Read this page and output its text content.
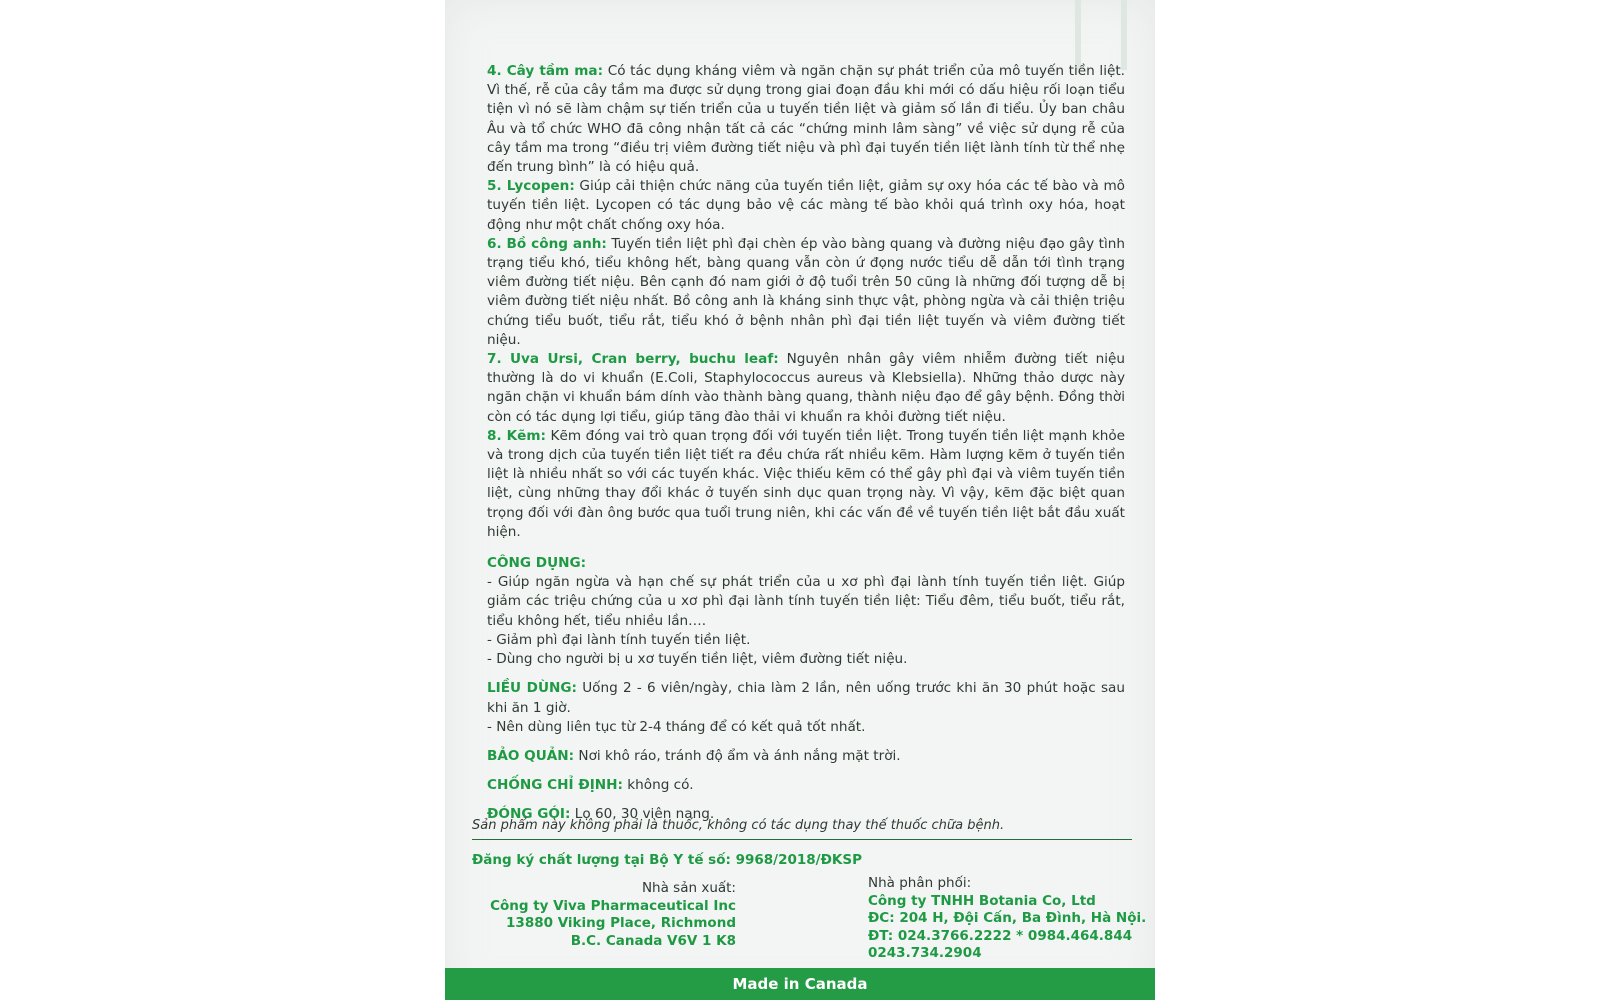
4. Cây tầm ma: Có tác dụng kháng viêm và ngăn chặn sự phát triển của mô tuyến tiền liệt. Vì thế, rễ của cây tầm ma được sử dụng trong giai đoạn đầu khi mới có dấu hiệu rối loạn tiểu tiện vì nó sẽ làm chậm sự tiến triển của u tuyến tiền liệt và giảm số lần đi tiểu. Ủy ban châu Âu và tổ chức WHO đã công nhận tất cả các “chứng minh lâm sàng” về việc sử dụng rễ của cây tầm ma trong “điều trị viêm đường tiết niệu và phì đại tuyến tiền liệt lành tính từ thể nhẹ đến trung bình” là có hiệu quả.

5. Lycopen: Giúp cải thiện chức năng của tuyến tiền liệt, giảm sự oxy hóa các tế bào và mô tuyến tiền liệt. Lycopen có tác dụng bảo vệ các màng tế bào khỏi quá trình oxy hóa, hoạt động như một chất chống oxy hóa.

6. Bồ công anh: Tuyến tiền liệt phì đại chèn ép vào bàng quang và đường niệu đạo gây tình trạng tiểu khó, tiểu không hết, bàng quang vẫn còn ứ đọng nước tiểu dễ dẫn tới tình trạng viêm đường tiết niệu. Bên cạnh đó nam giới ở độ tuổi trên 50 cũng là những đối tượng dễ bị viêm đường tiết niệu nhất. Bồ công anh là kháng sinh thực vật, phòng ngừa và cải thiện triệu chứng tiểu buốt, tiểu rắt, tiểu khó ở bệnh nhân phì đại tiền liệt tuyến và viêm đường tiết niệu.

7. Uva Ursi, Cran berry, buchu leaf: Nguyên nhân gây viêm nhiễm đường tiết niệu thường là do vi khuẩn (E.Coli, Staphylococcus aureus và Klebsiella). Những thảo dược này ngăn chặn vi khuẩn bám dính vào thành bàng quang, thành niệu đạo để gây bệnh. Đồng thời còn có tác dụng lợi tiểu, giúp tăng đào thải vi khuẩn ra khỏi đường tiết niệu.

8. Kẽm: Kẽm đóng vai trò quan trọng đối với tuyến tiền liệt. Trong tuyến tiền liệt mạnh khỏe và trong dịch của tuyến tiền liệt tiết ra đều chứa rất nhiều kẽm. Hàm lượng kẽm ở tuyến tiền liệt là nhiều nhất so với các tuyến khác. Việc thiếu kẽm có thể gây phì đại và viêm tuyến tiền liệt, cùng những thay đổi khác ở tuyến sinh dục quan trọng này. Vì vậy, kẽm đặc biệt quan trọng đối với đàn ông bước qua tuổi trung niên, khi các vấn đề về tuyến tiền liệt bắt đầu xuất hiện.

CÔNG DỤNG:

- Giúp ngăn ngừa và hạn chế sự phát triển của u xơ phì đại lành tính tuyến tiền liệt. Giúp giảm các triệu chứng của u xơ phì đại lành tính tuyến tiền liệt: Tiểu đêm, tiểu buốt, tiểu rắt, tiểu không hết, tiểu nhiều lần….

- Giảm phì đại lành tính tuyến tiền liệt.

- Dùng cho người bị u xơ tuyến tiền liệt, viêm đường tiết niệu.

LIỀU DÙNG: Uống 2 - 6 viên/ngày, chia làm 2 lần, nên uống trước khi ăn 30 phút hoặc sau khi ăn 1 giờ.

- Nên dùng liên tục từ 2-4 tháng để có kết quả tốt nhất.

BẢO QUẢN: Nơi khô ráo, tránh độ ẩm và ánh nắng mặt trời.

CHỐNG CHỈ ĐỊNH: không có.

ĐÓNG GÓI: Lọ 60, 30 viên nang.

Sản phẩm này không phải là thuốc, không có tác dụng thay thế thuốc chữa bệnh.
Đăng ký chất lượng tại Bộ Y tế số: 9968/2018/ĐKSP
Nhà sản xuất:
Công ty Viva Pharmaceutical Inc
13880 Viking Place, Richmond
B.C. Canada V6V 1 K8
Nhà phân phối:
Công ty TNHH Botania Co, Ltd
ĐC: 204 H, Đội Cấn, Ba Đình, Hà Nội.
ĐT: 024.3766.2222 * 0984.464.844
0243.734.2904
Made in Canada
